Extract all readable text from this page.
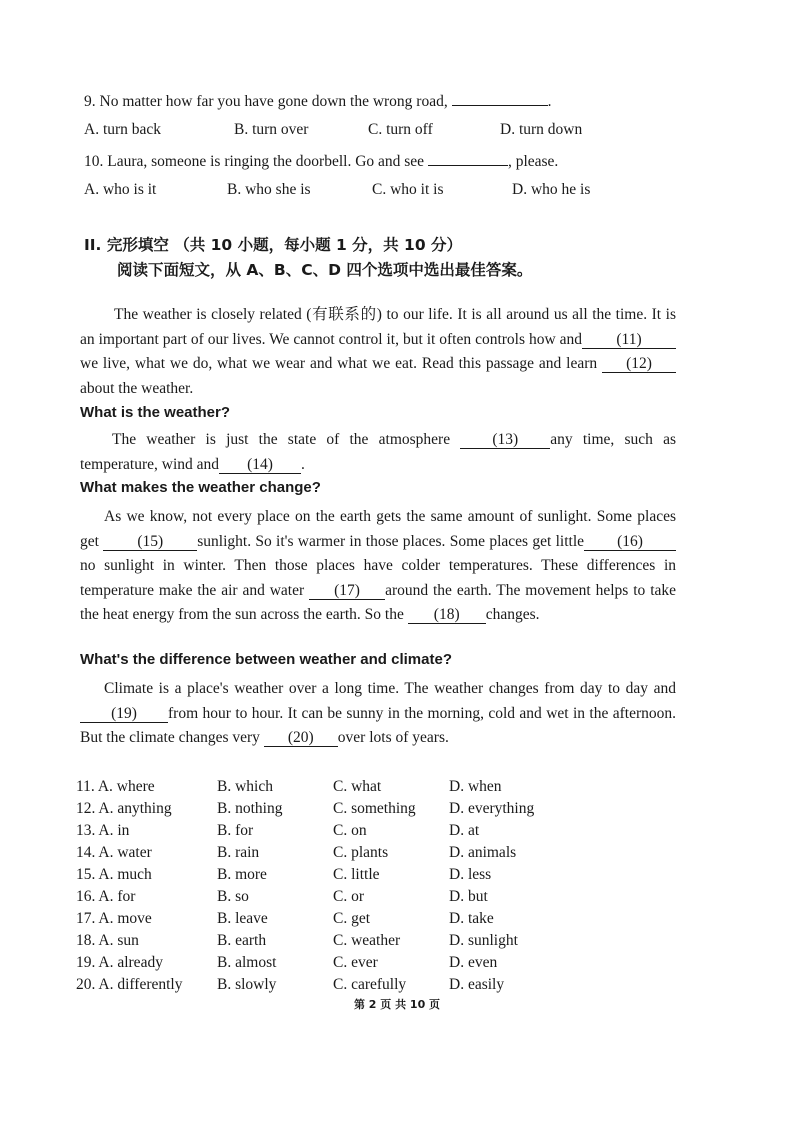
9. No matter how far you have gone down the wrong road,	.
A. turn back	B. turn over	C. turn off	D. turn down
10. Laura, someone is ringing the doorbell. Go and see	, please.
A. who is it	B. who she is	C. who it is	D. who he is
II. 完形填空 （共 10 小题，每小题 1 分，共 10 分）
阅读下面短文，从 A、B、C、D 四个选项中选出最佳答案。
The weather is closely related (有联系的) to our life. It is all around us all the time. It is an important part of our lives. We cannot control it, but it often controls how and (11)we live, what we do, what we wear and what we eat. Read this passage and learn (12)about the weather.
What is the weather?
The weather is just the state of the atmosphere	(13) any time, such as temperature, wind and (14) .
What makes the weather change?
As we know, not every place on the earth gets the same amount of sunlight. Some places get (15) sunlight. So it's warmer in those places. Some places get little (16)no sunlight in winter. Then those places have colder temperatures. These differences in temperature make the air and water (17) around the earth. The movement helps to take the heat energy from the sun across the earth. So the (18) changes.
What's the difference between weather and climate?
Climate is a place's weather over a long time. The weather changes from day to day and (19) from hour to hour. It can be sunny in the morning, cold and wet in the afternoon. But the climate changes very (20) over lots of years.
11. A. where	B. which	C. what	D. when
12. A. anything	B. nothing	C. something D. everything
13. A. in	B. for	C. on	D. at
14. A. water	B. rain	C. plants	D. animals
15. A. much	B. more	C. little	D. less
16. A. for	B. so	C. or	D. but
17. A. move	B. leave	C. get	D. take
18. A. sun	B. earth	C. weather	D. sunlight
19. A. already	B. almost	C. ever	D. even
20. A. differently B. slowly	C. carefully	D. easily
第 2 页 共 10 页
